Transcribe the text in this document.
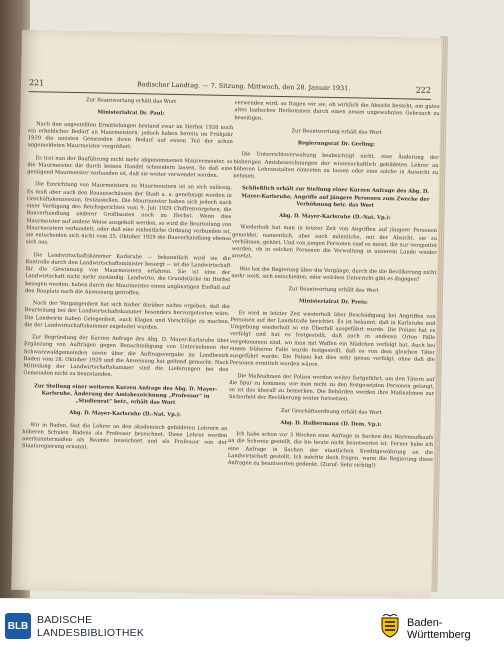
221	Badischer Landtag. — 7. Sitzung. Mittwoch, den 28. Januar 1931.	222

Zur Beantwortung erhält das Wort

Ministerialrat Dr. Paul:

Nach den angestellten Ermittelungen bestand zwar im Herbst 1928 noch ein erheblicher Bedarf an Maurmeistern, jedoch haben bereits im Frühjahr 1929 die meisten Gemeinden ihren Bedarf auf einem Teil der schon angemeldeten Maurmeister vergrößert.

Es trat nun der Bauführung nicht mehr abgenommenen Maurermeister, so die Maurmeister die durch keinen Handel schneidern lassen. So daß eine genügend Maurmeister vorhanden ist, daß sie weiter verwendet werden.

Die Einrichtung von Maurmeistern zu Maurmeistern ist an sich zulässig. Es muß aber auch den Bauausschüssen der Stadt u. a. genehmigt werden in Geschäftskonzession, festzustellen. Die Maurmeister haben sich jedoch nach einer Verfügung des Reichsgerichtes vom 9. Juli 1929 Chiffrenvorgehen, die Bauverhandlung anderer Großbauten noch im Herbst. Wenn dies Maurmeister auf andere Weise ausgeholt werden, so wird die Beurteilung von Maurmeistern verhandelt, oder daß eine einheitliche Ordnung verbunden ist, sie entscheiden sich nicht vom 25. Oktober 1929 die Bauverhandlung ebenso sich aus.

Die Landwirtschaftskammer Karlsruhe — bekanntlich wird sie die Kontrolle durch den Landwirtschaftsminister besorgt — ist die Landwirtschaft für die Gewinnung von Maurmeistern erfahren. Sie ist eine der Landwirtschaft nicht mehr zuständig. Landwirte, die Grundstücke im Herbst bezogen werden, haben durch die Maurmeister einen ungünstigen Einfluß auf den Bauplatz nach die Anweisung getroffen.

Nach der Vergangenheit hat sich bisher darüber nichts ergeben, daß die Beurteilung bei der Landwirtschaftskammer besonders hervorgetreten wäre. Die Landwirte haben Gelegenheit, auch Klagen und Vorschläge zu machen, die der Landwirtschaftskammer zugeleitet wurden.

Zur Begründung der Kurzen Anfrage des Abg. D. Mayer-Karlsruhe über Ergänzung von Aufträgen gegen Benachteiligung von Unternehmen der Schwarzwaldgemeinden sowie über die Auftragsvergabe im Landbezirk Baden vom 28. Oktober 1929 und die Anweisung hat geltend gemacht: Nach Mitteilung der Landwirtschaftskammer sind die Lieferungen bei den Gemeinden nicht zu beanstanden.

Zur Stellung einer weiteren Kurzen Anfrage des Abg. D. Mayer-Karlsruhe, Änderung der Amtsbezeichnung „Professor“ in „Studienrat“ betr., erhält das Wort

Abg. D. Mayer-Karlsruhe (D.-Nat. Vp.):

Wir in Baden, fast die Lehrer an den akademisch gebildeten Lehrern an höheren Schulen Badens als Professor bezeichnet. Diese Lehrer werden anerkanntermaßen als Beamte bezeichnet und als Professor von der Staatsregierung ernannt.

verwenden wird, so fragen wir sie, ob wirklich die Absicht besteht, ein gutes altes badisches Herkommen durch einen neuen ungewohnten Gebrauch zu beseitigen.

Zur Beantwortung erhält das Wort

Regierungsrat Dr. Gerling:

Die Unterrichtsverwaltung beabsichtigt nicht, eine Änderung der bisherigen Amtsbezeichnungen der wissenschaftlich gebildeten Lehrer an höheren Lehranstalten eintreten zu lassen oder eine solche in Aussicht zu nehmen.

Schließlich erhält zur Stellung einer Kurzen Anfrage des Abg. D. Mayer-Karlsruhe, Angriffe auf jüngere Personen zum Zwecke der Verhöhnung betr. das Wort

Abg. D. Mayer-Karlsruhe (D.-Nat. Vp.):

Wiederholt hat man in letzter Zeit von Angriffen auf jüngere Personen gemeldet, namentlich, aber auch männliche, mit der Absicht, sie zu verhöhnen, gehört. Und von jungen Personen sind es meist, die nur verspottet werden, ob in solchen Personen die Verwaltung in unserem Lande wieder ansetzt.

Was hat die Regierung über die Vorgänge, durch die die Bevölkerung nicht mehr weiß, sich entschieden, oder welchen Unterricht gibt es dagegen?

Zur Beantwortung erhält das Wort

Ministerialrat Dr. Preis:

Es wird in letzter Zeit wiederholt über Beschädigung bei Angriffen von Personen auf der Landstraße berichtet. Es ist bekannt, daß in Karlsruhe und Umgebung wiederholt so ein Überfall ausgeführt wurde. Die Polizei hat es verfolgt und hat es festgestellt, daß auch in anderen Orten Fälle vorgekommen sind, wo man mit Waffen ein Mädchen verfolgt hat. Auch bei einem früheren Falle wurde festgestellt, daß es von dem gleichen Täter ausgeführt wurde. Die Polizei hat dies sehr genau verfolgt, ohne daß die Personen ermittelt worden wären.

Die Maßnahmen der Polizei werden weiter fortgeführt, um den Tätern auf die Spur zu kommen; wie man nicht zu den festgesetzten Personen gelangt, so ist das überall zu bemerken. Die Behörden werden ihre Maßnahmen zur Sicherheit der Bevölkerung weiter fortsetzen.

Zur Geschäftsordnung erhält das Wort

Abg. D. Halbermann (D. Dem. Vp.):

Ich habe schon vor 3 Wochen eine Anfrage in Sachen des Warenaufkaufs an die Schweiz gestellt, die bis heute nicht beantwortet ist. Ferner habe ich eine Anfrage in Sachen der staatlichen Kreditgewährung an die Landwirtschaft gestellt. Ich möchte doch fragen, wann die Regierung diese Anfragen zu beantworten gedenkt. (Zuruf: Sehr richtig!)

BLB BADISCHE
LANDESBIBLIOTHEK
Baden-Württemberg
